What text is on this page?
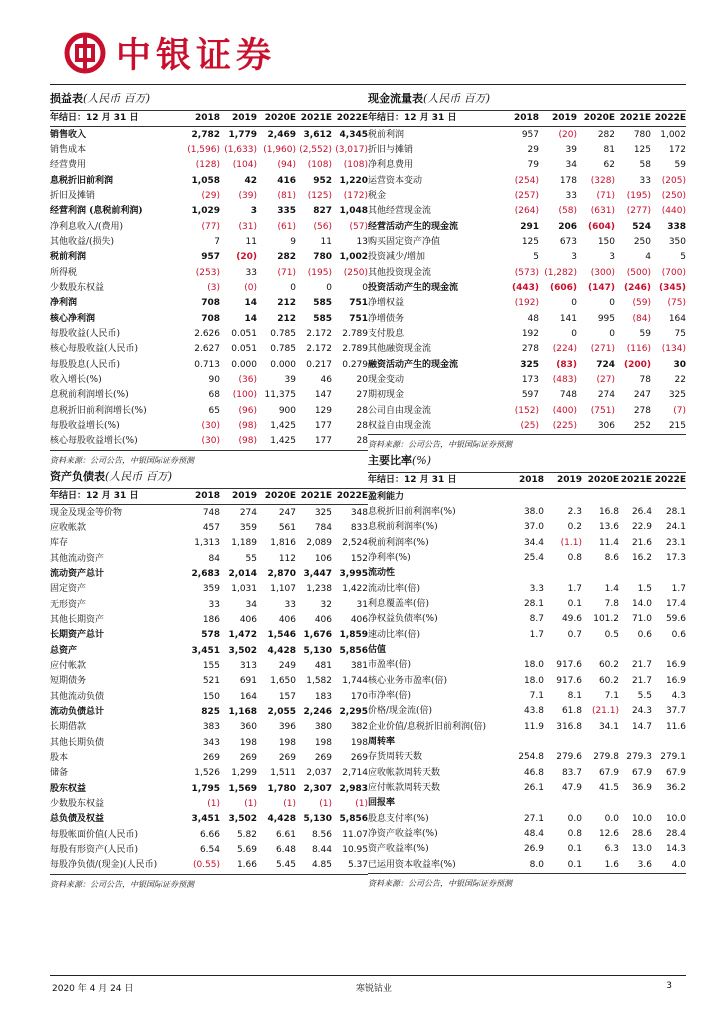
中银证券
损益表(人民币 百万)
年结日：12 月 31 日	2018	2019	2020E	2021E	2022E
销售收入	2,782	1,779	2,469	3,612	4,345
销售成本	(1,596)	(1,633)	(1,960)	(2,552)	(3,017)
经营费用	(128)	(104)	(94)	(108)	(108)
息税折旧前利润	1,058	42	416	952	1,220
折旧及摊销	(29)	(39)	(81)	(125)	(172)
经营利润 (息税前利润)	1,029	3	335	827	1,048
净利息收入/(费用)	(77)	(31)	(61)	(56)	(57)
其他收益/(损失)	7	11	9	11	13
税前利润	957	(20)	282	780	1,002
所得税	(253)	33	(71)	(195)	(250)
少数股东权益	(3)	(0)	0	0	0
净利润	708	14	212	585	751
核心净利润	708	14	212	585	751
每股收益(人民币)	2.626	0.051	0.785	2.172	2.789
核心每股收益(人民币)	2.627	0.051	0.785	2.172	2.789
每股股息(人民币)	0.713	0.000	0.000	0.217	0.279
收入增长(%)	90	(36)	39	46	20
息税前利润增长(%)	68	(100)	11,375	147	27
息税折旧前利润增长(%)	65	(96)	900	129	28
每股收益增长(%)	(30)	(98)	1,425	177	28
核心每股收益增长(%)	(30)	(98)	1,425	177	28
资料来源：公司公告，中银国际证券预测
现金流量表(人民币 百万)
年结日：12 月 31 日	2018	2019	2020E	2021E	2022E
税前利润	957	(20)	282	780	1,002
折旧与摊销	29	39	81	125	172
净利息费用	79	34	62	58	59
运营资本变动	(254)	178	(328)	33	(205)
税金	(257)	33	(71)	(195)	(250)
其他经营现金流	(264)	(58)	(631)	(277)	(440)
经营活动产生的现金流	291	206	(604)	524	338
购买固定资产净值	125	673	150	250	350
投资减少/增加	5	3	3	4	5
其他投资现金流	(573)	(1,282)	(300)	(500)	(700)
投资活动产生的现金流	(443)	(606)	(147)	(246)	(345)
净增权益	(192)	0	0	(59)	(75)
净增债务	48	141	995	(84)	164
支付股息	192	0	0	59	75
其他融资现金流	278	(224)	(271)	(116)	(134)
融资活动产生的现金流	325	(83)	724	(200)	30
现金变动	173	(483)	(27)	78	22
期初现金	597	748	274	247	325
公司自由现金流	(152)	(400)	(751)	278	(7)
权益自由现金流	(25)	(225)	306	252	215
资料来源：公司公告，中银国际证券预测
资产负债表(人民币 百万)
年结日：12 月 31 日	2018	2019	2020E	2021E	2022E
现金及现金等价物	748	274	247	325	348
应收帐款	457	359	561	784	833
库存	1,313	1,189	1,816	2,089	2,524
其他流动资产	84	55	112	106	152
流动资产总计	2,683	2,014	2,870	3,447	3,995
固定资产	359	1,031	1,107	1,238	1,422
无形资产	33	34	33	32	31
其他长期资产	186	406	406	406	406
长期资产总计	578	1,472	1,546	1,676	1,859
总资产	3,451	3,502	4,428	5,130	5,856
应付帐款	155	313	249	481	381
短期债务	521	691	1,650	1,582	1,744
其他流动负债	150	164	157	183	170
流动负债总计	825	1,168	2,055	2,246	2,295
长期借款	383	360	396	380	382
其他长期负债	343	198	198	198	198
股本	269	269	269	269	269
储备	1,526	1,299	1,511	2,037	2,714
股东权益	1,795	1,569	1,780	2,307	2,983
少数股东权益	(1)	(1)	(1)	(1)	(1)
总负债及权益	3,451	3,502	4,428	5,130	5,856
每股帐面价值(人民币)	6.66	5.82	6.61	8.56	11.07
每股有形资产(人民币)	6.54	5.69	6.48	8.44	10.95
每股净负债/(现金)(人民币)	(0.55)	1.66	5.45	4.85	5.37
资料来源：公司公告，中银国际证券预测
主要比率(%)
年结日：12 月 31 日	2018	2019	2020E	2021E	2022E
盈利能力					
息税折旧前利润率(%)	38.0	2.3	16.8	26.4	28.1
息税前利润率(%)	37.0	0.2	13.6	22.9	24.1
税前利润率(%)	34.4	(1.1)	11.4	21.6	23.1
净利率(%)	25.4	0.8	8.6	16.2	17.3
流动性					
流动比率(倍)	3.3	1.7	1.4	1.5	1.7
利息覆盖率(倍)	28.1	0.1	7.8	14.0	17.4
净权益负债率(%)	8.7	49.6	101.2	71.0	59.6
速动比率(倍)	1.7	0.7	0.5	0.6	0.6
估值					
市盈率(倍)	18.0	917.6	60.2	21.7	16.9
核心业务市盈率(倍)	18.0	917.6	60.2	21.7	16.9
市净率(倍)	7.1	8.1	7.1	5.5	4.3
价格/现金流(倍)	43.8	61.8	(21.1)	24.3	37.7
企业价值/息税折旧前利润(倍)	11.9	316.8	34.1	14.7	11.6
周转率					
存货周转天数	254.8	279.6	279.8	279.3	279.1
应收帐款周转天数	46.8	83.7	67.9	67.9	67.9
应付帐款周转天数	26.1	47.9	41.5	36.9	36.2
回报率					
股息支付率(%)	27.1	0.0	0.0	10.0	10.0
净资产收益率(%)	48.4	0.8	12.6	28.6	28.4
资产收益率(%)	26.9	0.1	6.3	13.0	14.3
已运用资本收益率(%)	8.0	0.1	1.6	3.6	4.0
资料来源：公司公告，中银国际证券预测
2020 年 4 月 24 日	寒锐钴业	3
